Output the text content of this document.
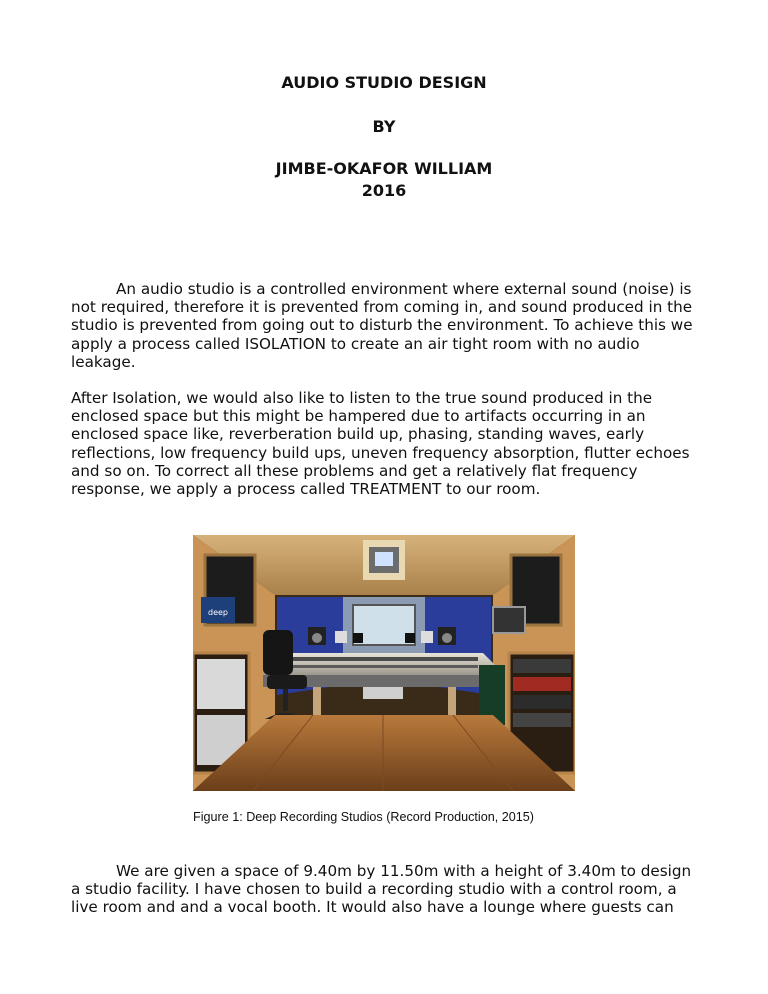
AUDIO STUDIO DESIGN
BY
JIMBE-OKAFOR WILLIAM
2016

An audio studio is a controlled environment where external sound (noise) is not required, therefore it is prevented from coming in, and sound produced in the studio is prevented from going out to disturb the environment. To achieve this we apply a process called ISOLATION to create an air tight room with no audio leakage.

After Isolation, we would also like to listen to the true sound produced in the enclosed space but this might be hampered due to artifacts occurring in an enclosed space like, reverberation build up, phasing, standing waves, early reflections, low frequency build ups, uneven frequency absorption, flutter echoes and so on. To correct all these problems and get a relatively flat frequency response, we apply a process called TREATMENT to our room.

deep
Figure 1: Deep Recording Studios (Record Production, 2015)

We are given a space of 9.40m by 11.50m with a height of 3.40m to design a studio facility. I have chosen to build a recording studio with a control room, a live room and and a vocal booth. It would also have a lounge where guests can
